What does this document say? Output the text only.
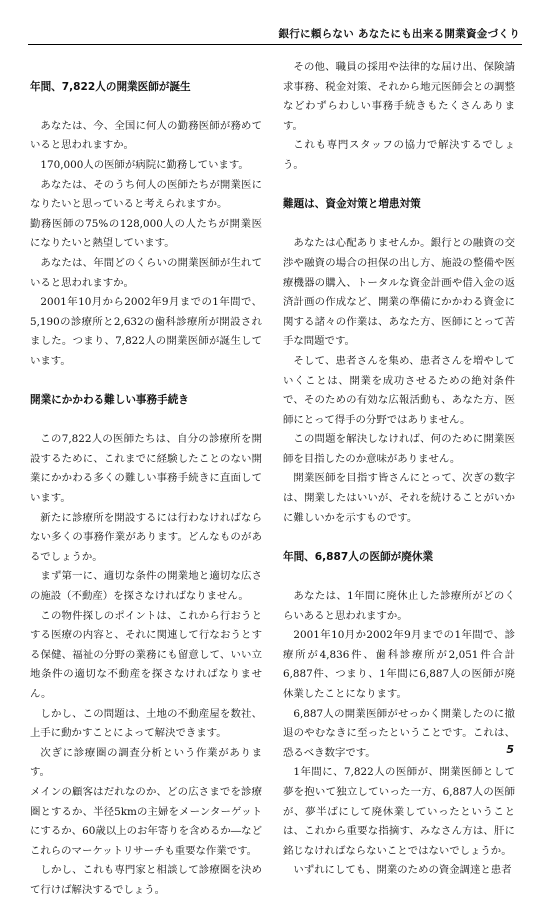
銀行に頼らない あなたにも出来る開業資金づくり
年間、7,822人の開業医師が誕生

あなたは、今、全国に何人の勤務医師が務めていると思われますか。

170,000人の医師が病院に勤務しています。

あなたは、そのうち何人の医師たちが開業医になりたいと思っていると考えられますか。

勤務医師の75%の128,000人の人たちが開業医になりたいと熱望しています。

あなたは、年間どのくらいの開業医師が生れていると思われますか。

2001年10月から2002年9月までの1年間で、5,190の診療所と2,632の歯科診療所が開設されました。つまり、7,822人の開業医師が誕生しています。

開業にかかわる難しい事務手続き

この7,822人の医師たちは、自分の診療所を開設するために、これまでに経験したことのない開業にかかわる多くの難しい事務手続きに直面しています。

新たに診療所を開設するには行わなければならない多くの事務作業があります。どんなものがあるでしょうか。

まず第一に、適切な条件の開業地と適切な広さの施設（不動産）を探さなければなりません。

この物件探しのポイントは、これから行おうとする医療の内容と、それに関連して行なおうとする保健、福祉の分野の業務にも留意して、いい立地条件の適切な不動産を探さなければなりません。

しかし、この問題は、土地の不動産屋を数社、上手に動かすことによって解決できます。

次ぎに診療圏の調査分析という作業があります。

メインの顧客はだれなのか、どの広さまでを診療圏とするか、半径5kmの主婦をメーンターゲットにするか、60歳以上のお年寄りを含めるか―などこれらのマーケットリサーチも重要な作業です。

しかし、これも専門家と相談して診療圏を決めて行けば解決するでしょう。

その他、職員の採用や法律的な届け出、保険請求事務、税金対策、それから地元医師会との調整などわずらわしい事務手続きもたくさんあります。

これも専門スタッフの協力で解決するでしょう。

難題は、資金対策と増患対策

あなたは心配ありませんか。銀行との融資の交渉や融資の場合の担保の出し方、施設の整備や医療機器の購入、トータルな資金計画や借入金の返済計画の作成など、開業の準備にかかわる資金に関する諸々の作業は、あなた方、医師にとって苦手な問題です。

そして、患者さんを集め、患者さんを増やしていくことは、開業を成功させるための絶対条件で、そのための有効な広報活動も、あなた方、医師にとって得手の分野ではありません。

この問題を解決しなければ、何のために開業医師を目指したのか意味がありません。

開業医師を目指す皆さんにとって、次ぎの数字は、開業したはいいが、それを続けることがいかに難しいかを示すものです。

年間、6,887人の医師が廃休業

あなたは、1年間に廃休止した診療所がどのくらいあると思われますか。

2001年10月か2002年9月までの1年間で、診療所が4,836件、歯科診療所が2,051件合計6,887件、つまり、1年間に6,887人の医師が廃休業したことになります。

6,887人の開業医師がせっかく開業したのに撤退のやむなきに至ったということです。これは、恐るべき数字です。

1年間に、7,822人の医師が、開業医師として夢を抱いて独立していった一方、6,887人の医師が、夢半ばにして廃休業していったということ　は、これから重要な指摘す、みなさん方は、肝に銘じなければならないことではないでしょうか。

いずれにしても、開業のための資金調達と患者

5
